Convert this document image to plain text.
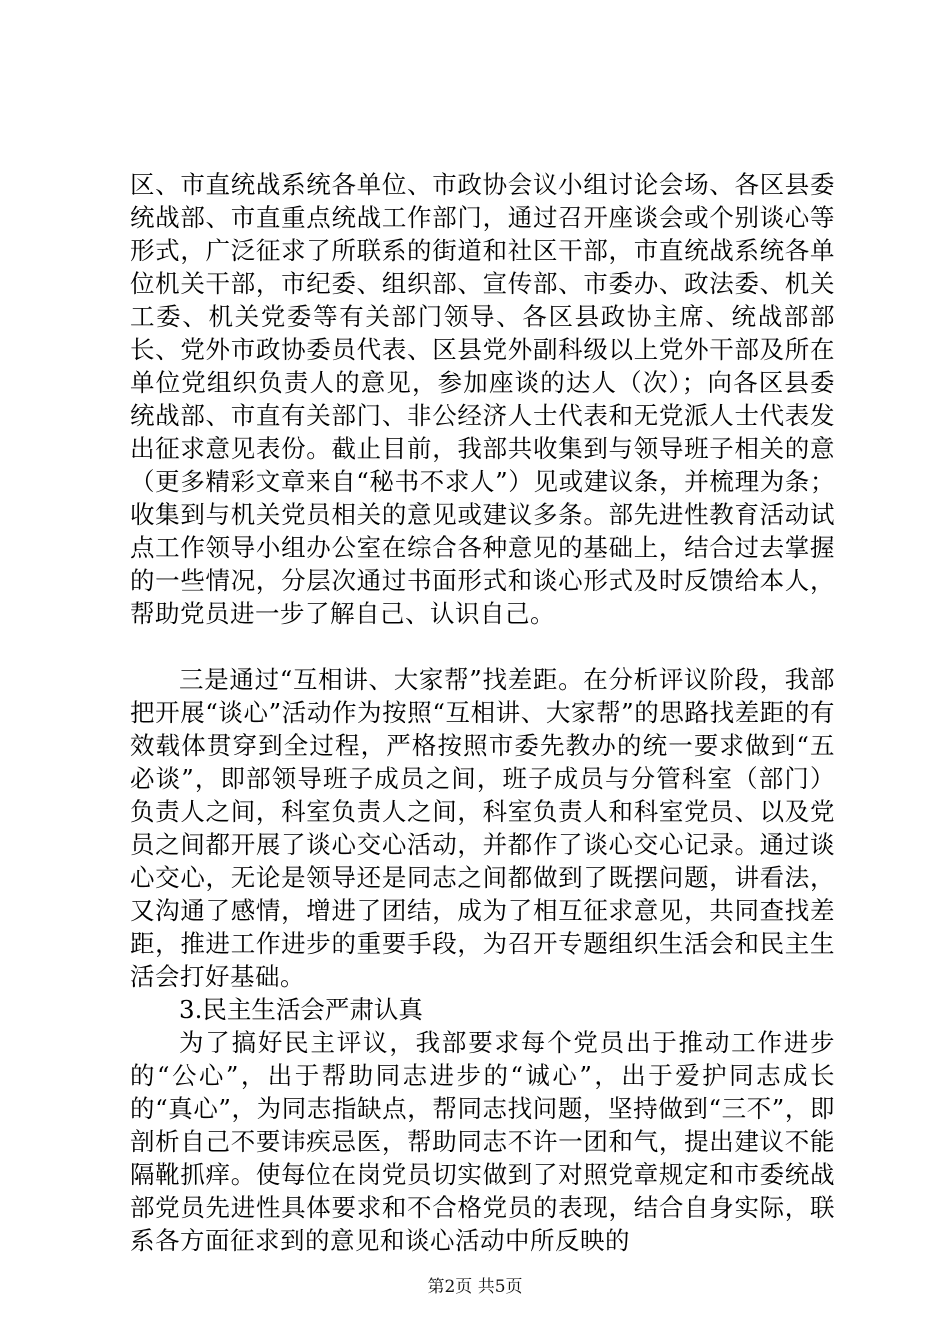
区、市直统战系统各单位、市政协会议小组讨论会场、各区县委统战部、市直重点统战工作部门，通过召开座谈会或个别谈心等形式，广泛征求了所联系的街道和社区干部，市直统战系统各单位机关干部，市纪委、组织部、宣传部、市委办、政法委、机关工委、机关党委等有关部门领导、各区县政协主席、统战部部长、党外市政协委员代表、区县党外副科级以上党外干部及所在单位党组织负责人的意见，参加座谈的达人（次）；向各区县委统战部、市直有关部门、非公经济人士代表和无党派人士代表发出征求意见表份。截止目前，我部共收集到与领导班子相关的意（更多精彩文章来自“秘书不求人”）见或建议条，并梳理为条；收集到与机关党员相关的意见或建议多条。部先进性教育活动试点工作领导小组办公室在综合各种意见的基础上，结合过去掌握的一些情况，分层次通过书面形式和谈心形式及时反馈给本人，帮助党员进一步了解自己、认识自己。

三是通过“互相讲、大家帮”找差距。在分析评议阶段，我部把开展“谈心”活动作为按照“互相讲、大家帮”的思路找差距的有效载体贯穿到全过程，严格按照市委先教办的统一要求做到“五必谈”，即部领导班子成员之间，班子成员与分管科室（部门）负责人之间，科室负责人之间，科室负责人和科室党员、以及党员之间都开展了谈心交心活动，并都作了谈心交心记录。通过谈心交心，无论是领导还是同志之间都做到了既摆问题，讲看法，又沟通了感情，增进了团结，成为了相互征求意见，共同查找差距，推进工作进步的重要手段，为召开专题组织生活会和民主生活会打好基础。

3.民主生活会严肃认真

为了搞好民主评议，我部要求每个党员出于推动工作进步的“公心”，出于帮助同志进步的“诚心”，出于爱护同志成长的“真心”，为同志指缺点，帮同志找问题，坚持做到“三不”，即剖析自己不要讳疾忌医，帮助同志不许一团和气，提出建议不能隔靴抓痒。使每位在岗党员切实做到了对照党章规定和市委统战部党员先进性具体要求和不合格党员的表现，结合自身实际，联系各方面征求到的意见和谈心活动中所反映的

第2页 共5页
